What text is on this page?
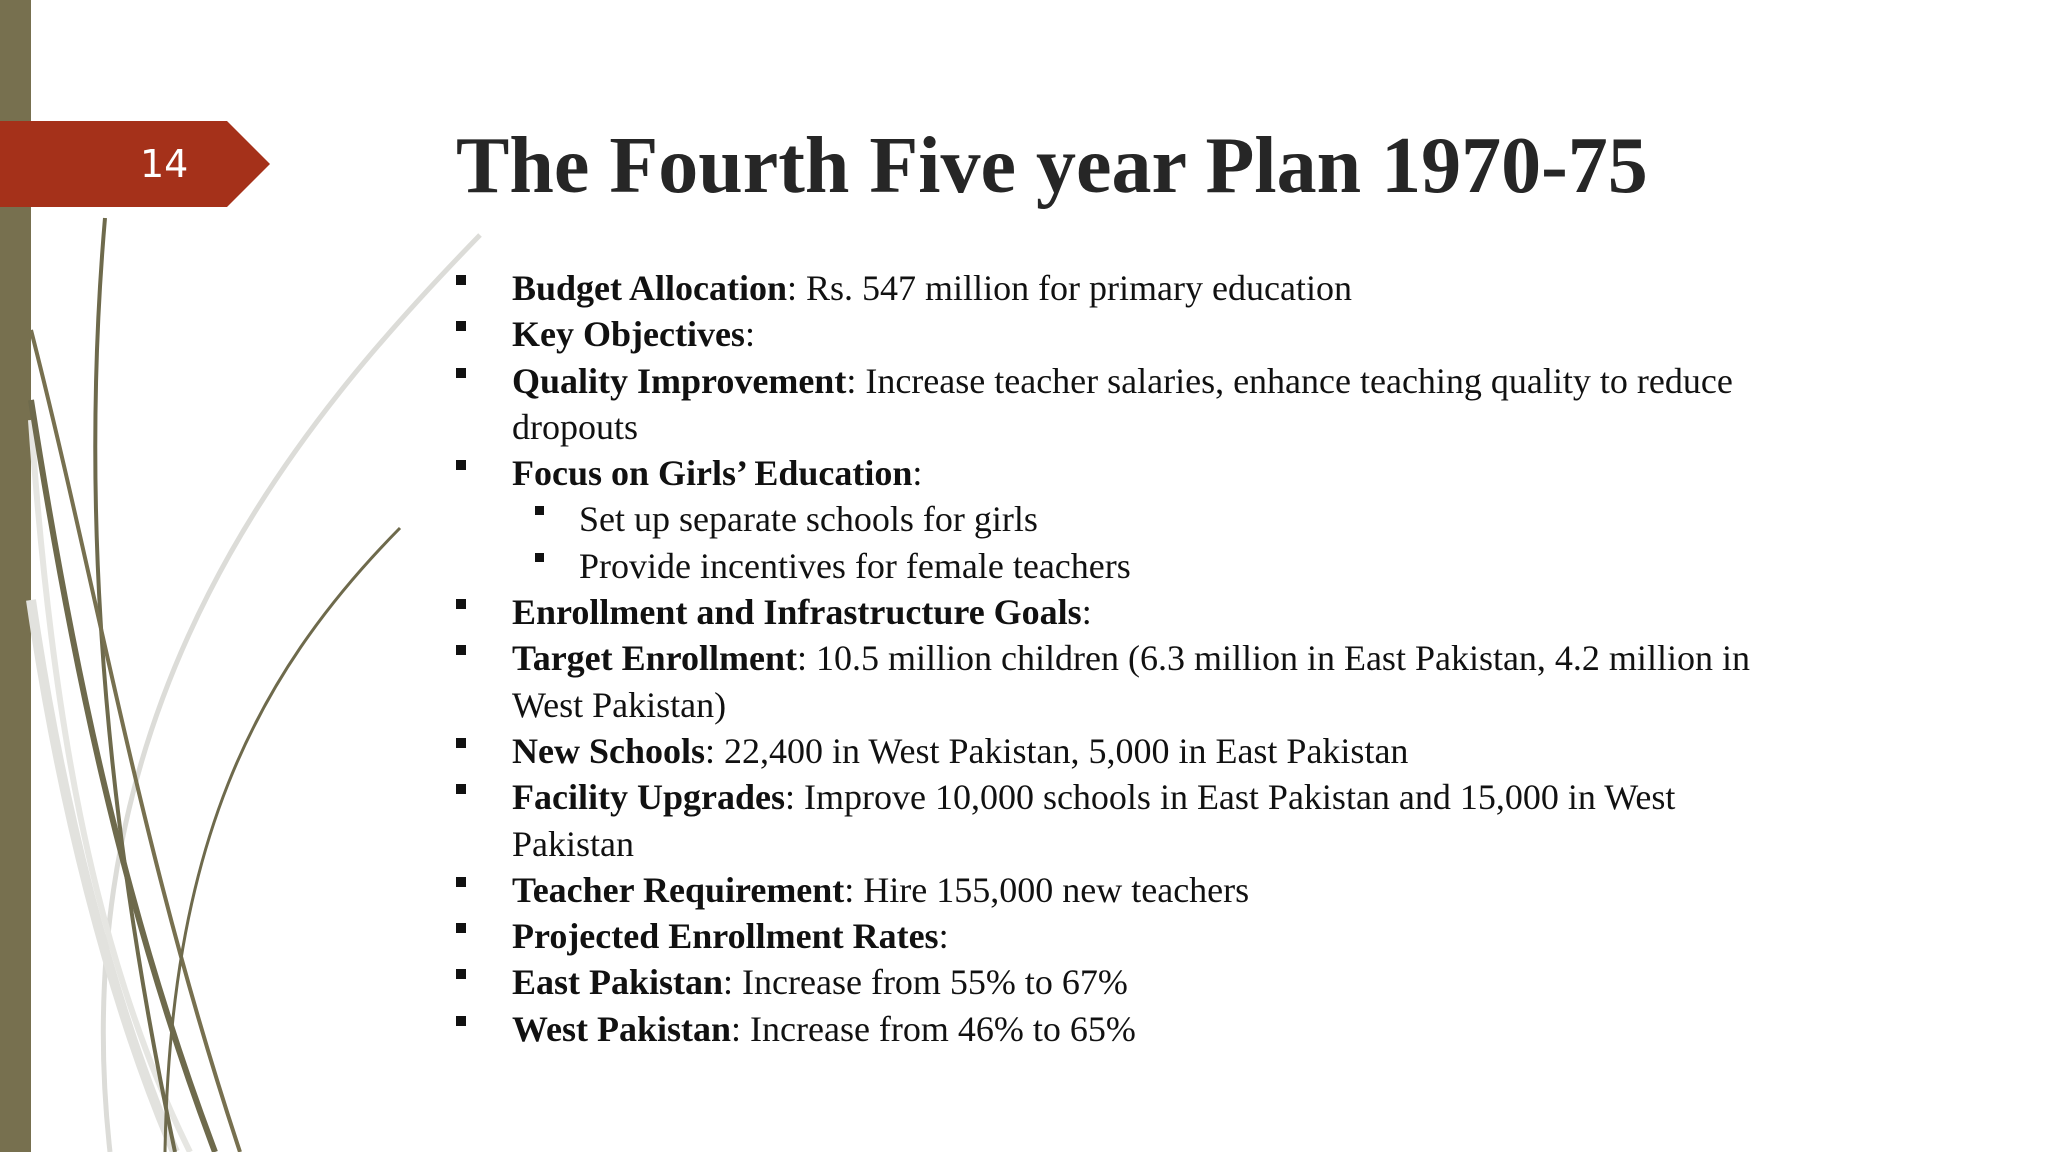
14	The Fourth Five year Plan 1970-75
Budget Allocation: Rs. 547 million for primary education
Key Objectives:
Quality Improvement: Increase teacher salaries, enhance teaching quality to reduce dropouts
Focus on Girls’ Education:
Set up separate schools for girls
Provide incentives for female teachers
Enrollment and Infrastructure Goals:
Target Enrollment: 10.5 million children (6.3 million in East Pakistan, 4.2 million in West Pakistan)
New Schools: 22,400 in West Pakistan, 5,000 in East Pakistan
Facility Upgrades: Improve 10,000 schools in East Pakistan and 15,000 in West Pakistan
Teacher Requirement: Hire 155,000 new teachers
Projected Enrollment Rates:
East Pakistan: Increase from 55% to 67%
West Pakistan: Increase from 46% to 65%
